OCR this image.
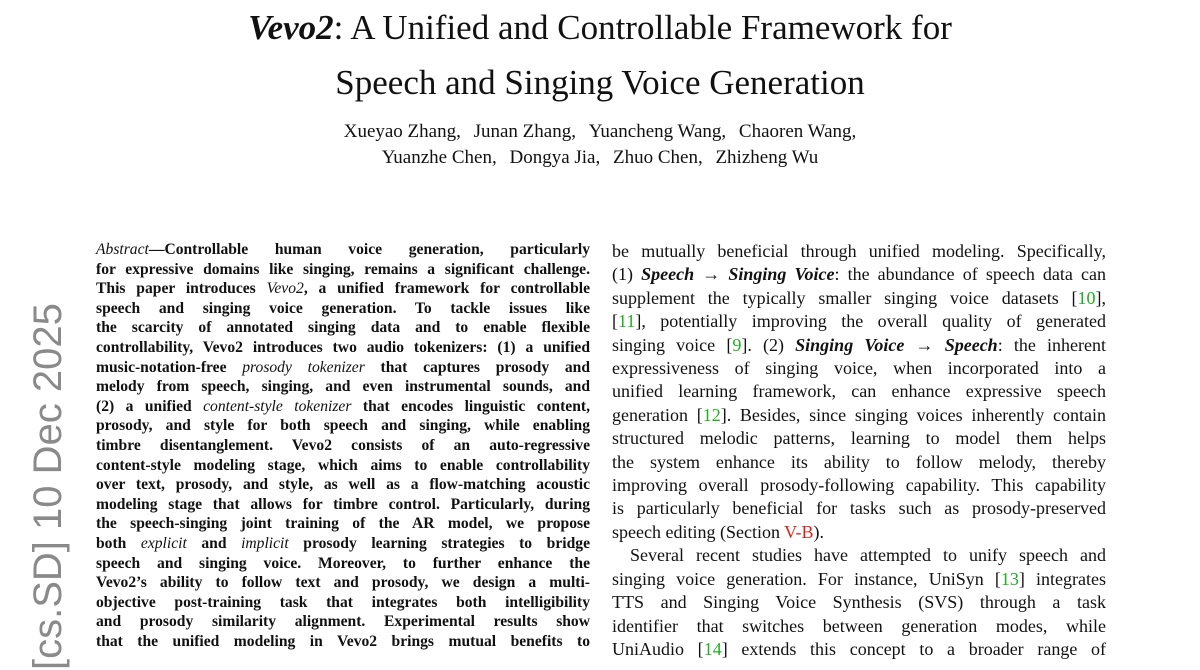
Vevo2: A Unified and Controllable Framework for
Speech and Singing Voice Generation
Xueyao Zhang, Junan Zhang, Yuancheng Wang, Chaoren Wang,
Yuanzhe Chen, Dongya Jia, Zhuo Chen, Zhizheng Wu
[cs.SD] 10 Dec 2025
Abstract—Controllable human voice generation, particularly
for expressive domains like singing, remains a significant challenge.
This paper introduces Vevo2, a unified framework for controllable
speech and singing voice generation. To tackle issues like
the scarcity of annotated singing data and to enable flexible
controllability, Vevo2 introduces two audio tokenizers: (1) a unified
music-notation-free prosody tokenizer that captures prosody and
melody from speech, singing, and even instrumental sounds, and
(2) a unified content-style tokenizer that encodes linguistic content,
prosody, and style for both speech and singing, while enabling
timbre disentanglement. Vevo2 consists of an auto-regressive
content-style modeling stage, which aims to enable controllability
over text, prosody, and style, as well as a flow-matching acoustic
modeling stage that allows for timbre control. Particularly, during
the speech-singing joint training of the AR model, we propose
both explicit and implicit prosody learning strategies to bridge
speech and singing voice. Moreover, to further enhance the
Vevo2’s ability to follow text and prosody, we design a multi-
objective post-training task that integrates both intelligibility
and prosody similarity alignment. Experimental results show
that the unified modeling in Vevo2 brings mutual benefits to
be mutually beneficial through unified modeling. Specifically,
(1) Speech → Singing Voice: the abundance of speech data can
supplement the typically smaller singing voice datasets [10],
[11], potentially improving the overall quality of generated
singing voice [9]. (2) Singing Voice → Speech: the inherent
expressiveness of singing voice, when incorporated into a
unified learning framework, can enhance expressive speech
generation [12]. Besides, since singing voices inherently contain
structured melodic patterns, learning to model them helps
the system enhance its ability to follow melody, thereby
improving overall prosody-following capability. This capability
is particularly beneficial for tasks such as prosody-preserved
speech editing (Section V-B).
Several recent studies have attempted to unify speech and
singing voice generation. For instance, UniSyn [13] integrates
TTS and Singing Voice Synthesis (SVS) through a task
identifier that switches between generation modes, while
UniAudio [14] extends this concept to a broader range of
